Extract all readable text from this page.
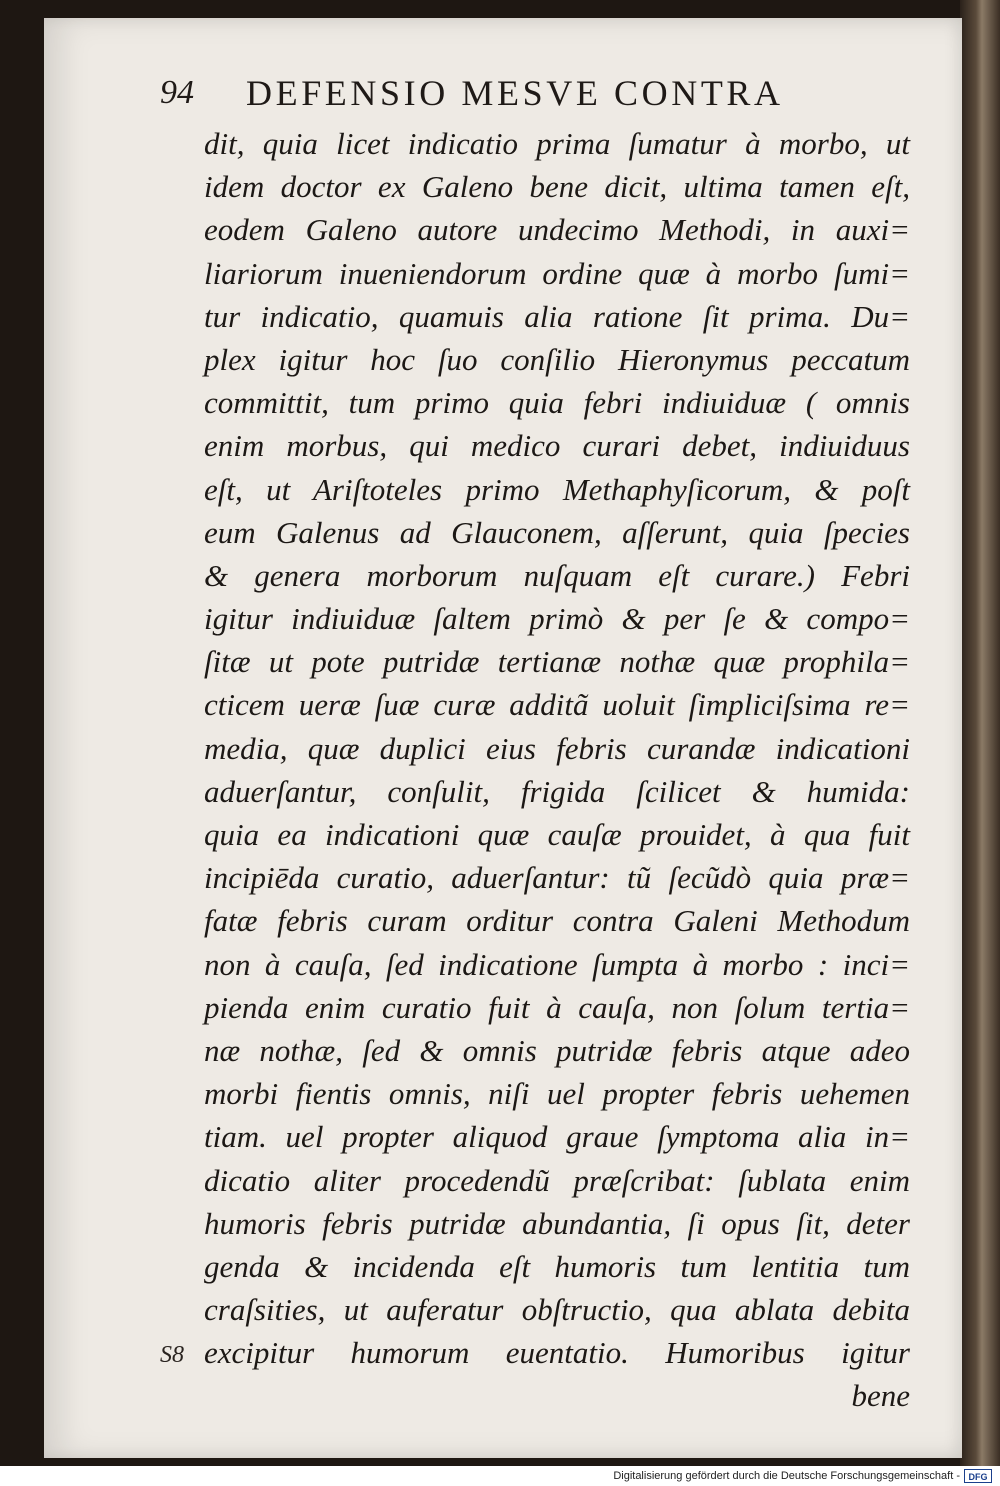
94 DEFENSIO MESVE CONTRA
dit, quia licet indicatio prima ſumatur à morbo, ut
idem doctor ex Galeno bene dicit, ultima tamen eſt,
eodem Galeno autore undecimo Methodi, in auxi=
liariorum inueniendorum ordine quæ à morbo ſumi=
tur indicatio, quamuis alia ratione ſit prima. Du=
plex igitur hoc ſuo conſilio Hieronymus peccatum
committit, tum primo quia febri indiuiduæ ( omnis
enim morbus, qui medico curari debet, indiuiduus
eſt, ut Ariſtoteles primo Methaphyſicorum, & poſt
eum Galenus ad Glauconem, aſſerunt, quia ſpecies
& genera morborum nuſquam eſt curare.) Febri
igitur indiuiduæ ſaltem primò & per ſe & compo=
ſitæ ut pote putridæ tertianæ nothæ quæ prophila=
cticem ueræ ſuæ curæ additã uoluit ſimpliciſsima re=
media, quæ duplici eius febris curandæ indicationi
aduerſantur, conſulit, frigida ſcilicet & humida:
quia ea indicationi quæ cauſæ prouidet, à qua fuit
incipiēda curatio, aduerſantur: tũ ſecũdò quia præ=
fatæ febris curam orditur contra Galeni Methodum
non à cauſa, ſed indicatione ſumpta à morbo : inci=
pienda enim curatio fuit à cauſa, non ſolum tertia=
næ nothæ, ſed & omnis putridæ febris atque adeo
morbi fientis omnis, niſi uel propter febris uehemen
tiam. uel propter aliquod graue ſymptoma alia in=
dicatio aliter procedendũ præſcribat: ſublata enim
humoris febris putridæ abundantia, ſi opus ſit, deter
genda & incidenda eſt humoris tum lentitia tum
craſsities, ut auferatur obſtructio, qua ablata debita
excipitur humorum euentatio. Humoribus igitur
bene
S8
Digitalisierung gefördert durch die Deutsche Forschungsgemeinschaft - DFG
